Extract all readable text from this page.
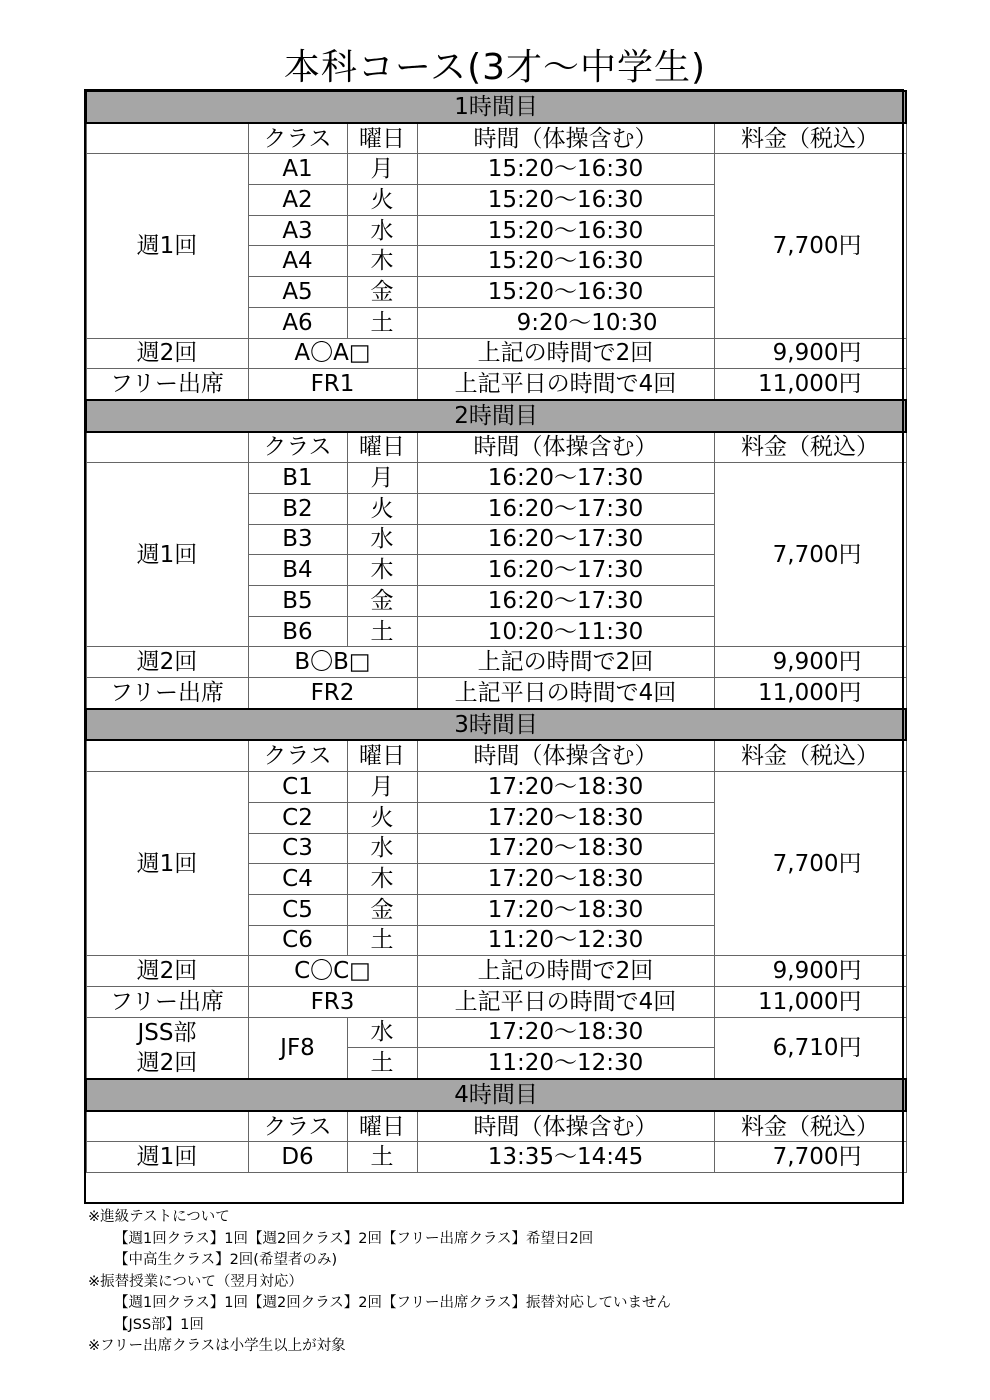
本科コース(3才～中学生)
1時間目				
	クラス	曜日	時間（体操含む）	料金（税込）
週1回	A1	月	15:20～16:30	7,700円
	A2	火	15:20～16:30	
	A3	水	15:20～16:30	
	A4	木	15:20～16:30	
	A5	金	15:20～16:30	
	A6	土	9:20～10:30	
週2回	A〇A□		上記の時間で2回	9,900円
フリー出席	FR1		上記平日の時間で4回	11,000円
2時間目				
	クラス	曜日	時間（体操含む）	料金（税込）
週1回	B1	月	16:20～17:30	7,700円
	B2	火	16:20～17:30	
	B3	水	16:20～17:30	
	B4	木	16:20～17:30	
	B5	金	16:20～17:30	
	B6	土	10:20～11:30	
週2回	B〇B□		上記の時間で2回	9,900円
フリー出席	FR2		上記平日の時間で4回	11,000円
3時間目				
	クラス	曜日	時間（体操含む）	料金（税込）
週1回	C1	月	17:20～18:30	7,700円
	C2	火	17:20～18:30	
	C3	水	17:20～18:30	
	C4	木	17:20～18:30	
	C5	金	17:20～18:30	
	C6	土	11:20～12:30	
週2回	C〇C□		上記の時間で2回	9,900円
フリー出席	FR3		上記平日の時間で4回	11,000円

JSS部
週2回	JF8	水	17:20～18:30	6,710円
		土	11:20～12:30	
4時間目				
	クラス	曜日	時間（体操含む）	料金（税込）
週1回	D6	土	13:35～14:45	7,700円
※進級テストについて
【週1回クラス】1回【週2回クラス】2回【フリー出席クラス】希望日2回
【中高生クラス】2回(希望者のみ)
※振替授業について（翌月対応）
【週1回クラス】1回【週2回クラス】2回【フリー出席クラス】振替対応していません
【JSS部】1回
※フリー出席クラスは小学生以上が対象
